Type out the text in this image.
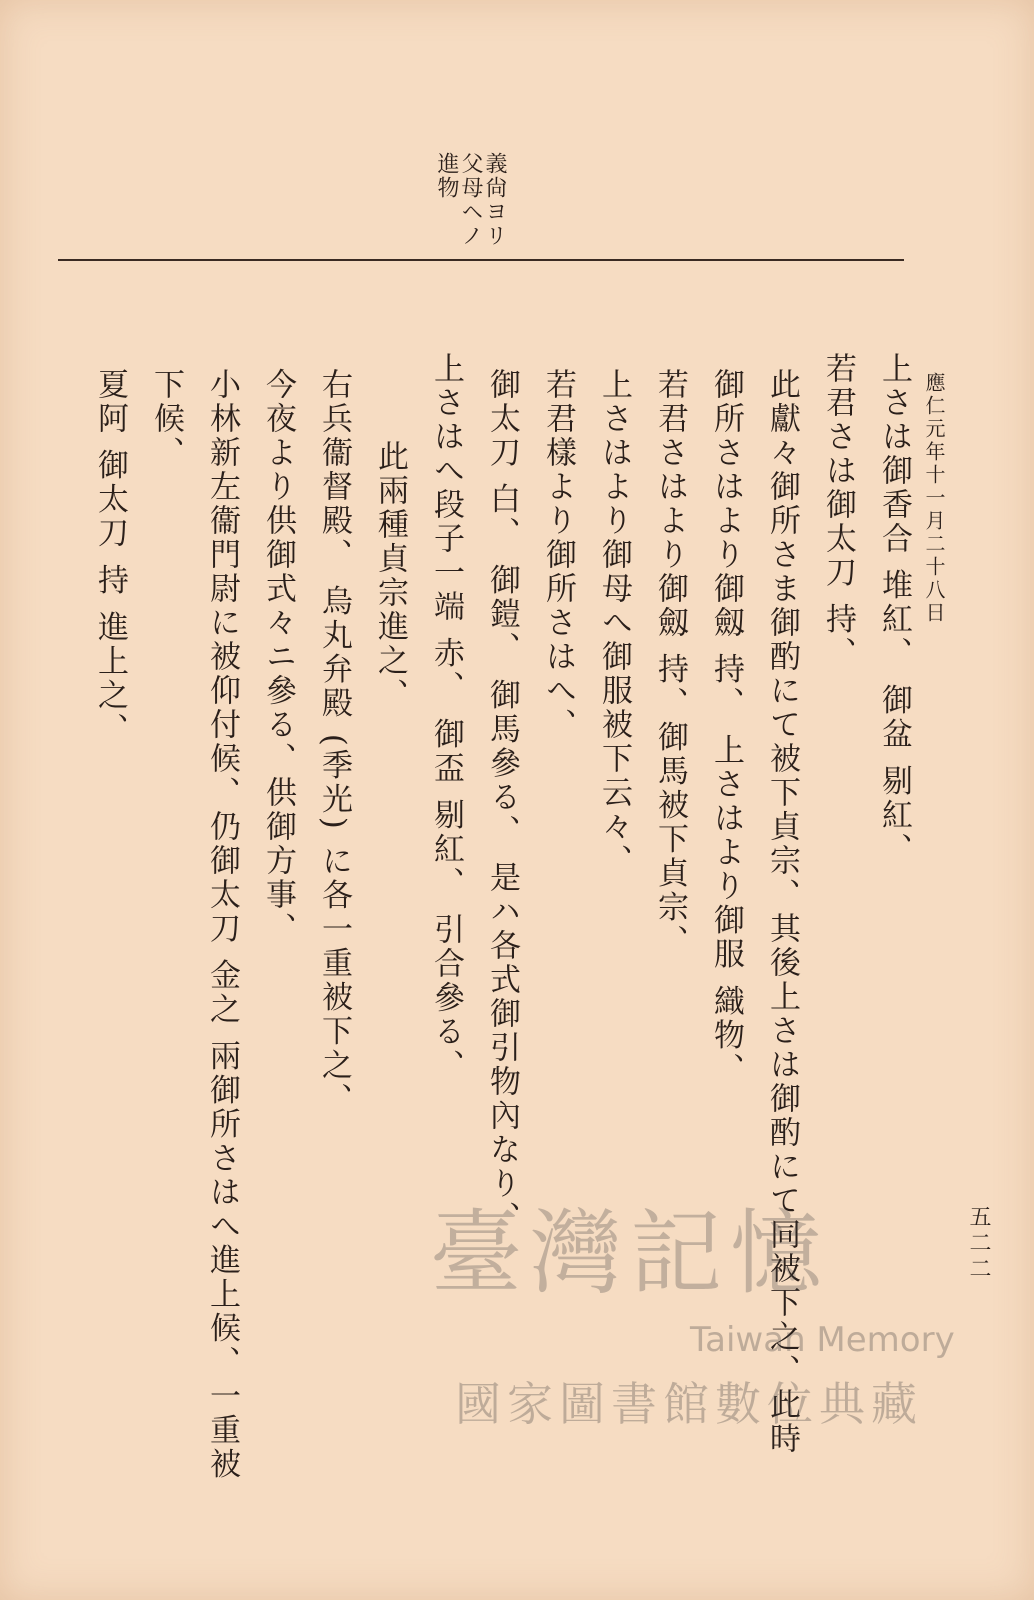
義尙ヨリ
父母ヘノ
進物
應仁元年十一月二十八日
上さは御香合 堆紅、 御盆 剔紅、
若君さは御太刀 持、
此獻々御所さま御酌にて被下貞宗、其後上さは御酌にて同被下之、此時
御所さはより御劔 持、 上さはより御服 織物、
若君さはより御劔 持、御馬被下貞宗、
上さはより御母へ御服被下云々、
若君樣より御所さはへ、
御太刀 白、 御鎧、 御馬參る、 是ハ各式御引物內なり、
上さはへ段子一端 赤、 御盃 剔紅、 引合參る、
此兩種貞宗進之、
右兵衞督殿、 烏丸弁殿 (季光) に各一重被下之、
今夜より供御式々ニ參る、供御方事、
小林新左衞門尉に被仰付候、仍御太刀 金之 兩御所さはへ進上候、一重被
下候、
夏阿 御太刀 持 進上之、
五二二
臺灣記憶
Taiwan Memory
國家圖書館數位典藏
